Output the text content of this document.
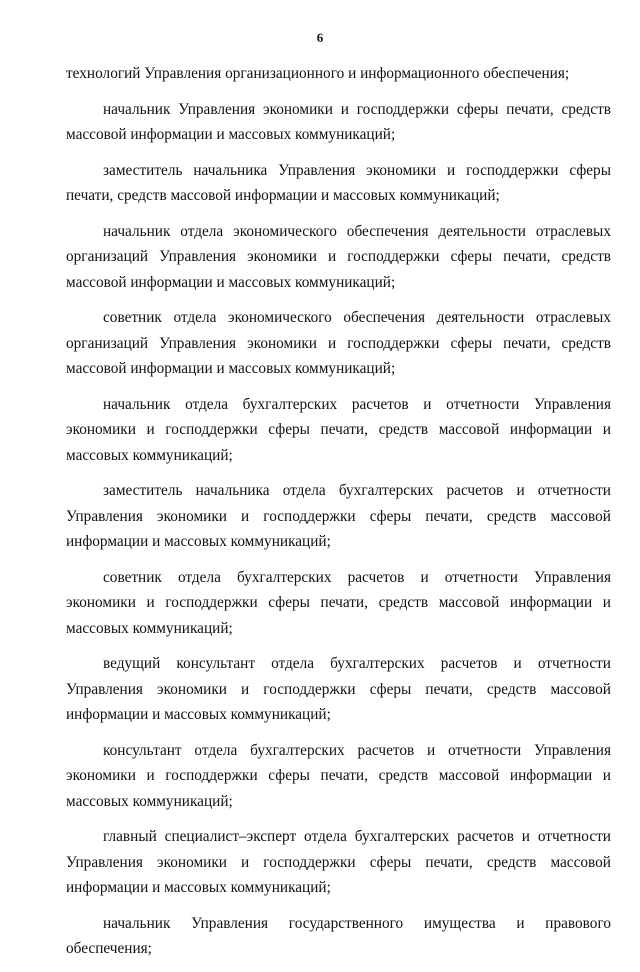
6

технологий Управления организационного и информационного обеспечения;

начальник Управления экономики и господдержки сферы печати, средств массовой информации и массовых коммуникаций;

заместитель начальника Управления экономики и господдержки сферы печати, средств массовой информации и массовых коммуникаций;

начальник отдела экономического обеспечения деятельности отраслевых организаций Управления экономики и господдержки сферы печати, средств массовой информации и массовых коммуникаций;

советник отдела экономического обеспечения деятельности отраслевых организаций Управления экономики и господдержки сферы печати, средств массовой информации и массовых коммуникаций;

начальник отдела бухгалтерских расчетов и отчетности Управления экономики и господдержки сферы печати, средств массовой информации и массовых коммуникаций;

заместитель начальника отдела бухгалтерских расчетов и отчетности Управления экономики и господдержки сферы печати, средств массовой информации и массовых коммуникаций;

советник отдела бухгалтерских расчетов и отчетности Управления экономики и господдержки сферы печати, средств массовой информации и массовых коммуникаций;

ведущий консультант отдела бухгалтерских расчетов и отчетности Управления экономики и господдержки сферы печати, средств массовой информации и массовых коммуникаций;

консультант отдела бухгалтерских расчетов и отчетности Управления экономики и господдержки сферы печати, средств массовой информации и массовых коммуникаций;

главный специалист–эксперт отдела бухгалтерских расчетов и отчетности Управления экономики и господдержки сферы печати, средств массовой информации и массовых коммуникаций;

начальник Управления государственного имущества и правового обеспечения;
